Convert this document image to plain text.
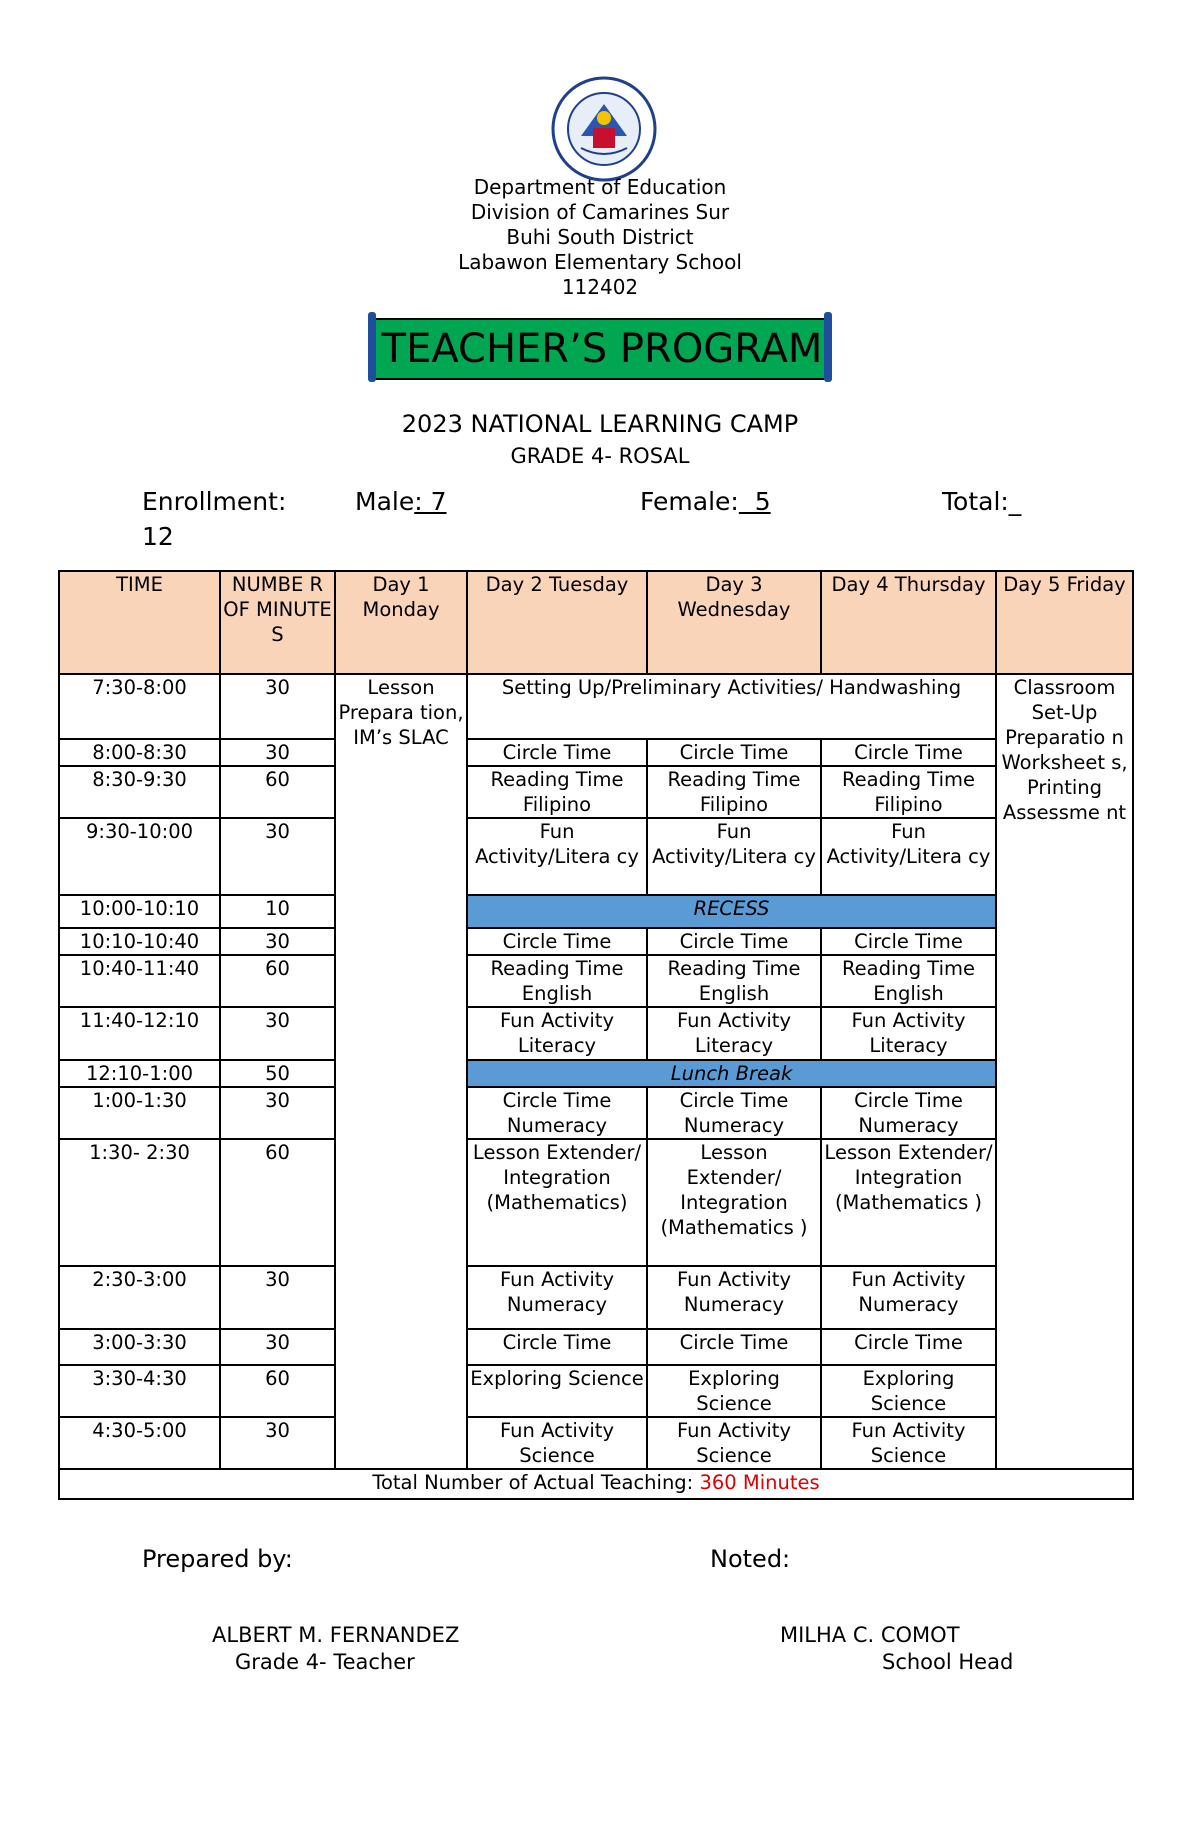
Department of Education
Division of Camarines Sur
Buhi South District
Labawon Elementary School
112402
TEACHER’S PROGRAM
2023 NATIONAL LEARNING CAMP
GRADE 4- ROSAL
Enrollment:	Male: 7	Female:  5	Total:_
12
TIME	NUMBE R OF MINUTE S	Day 1 Monday	Day 2 Tuesday	Day 3 Wednesday	Day 4 Thursday	Day 5 Friday
7:30-8:00	30	Lesson Prepara tion, IM’s SLAC	Setting Up/Preliminary Activities/ Handwashing			Classroom Set-Up Preparatio n Worksheet s, Printing Assessme nt
8:00-8:30	30		Circle Time	Circle Time	Circle Time	
8:30-9:30	60		Reading Time Filipino	Reading Time Filipino	Reading Time Filipino	
9:30-10:00	30		Fun Activity/Litera cy	Fun Activity/Litera cy	Fun Activity/Litera cy	
10:00-10:10	10		RECESS			
10:10-10:40	30		Circle Time	Circle Time	Circle Time	
10:40-11:40	60		Reading Time English	Reading Time English	Reading Time English	
11:40-12:10	30		Fun Activity Literacy	Fun Activity Literacy	Fun Activity Literacy	
12:10-1:00	50		Lunch Break			
1:00-1:30	30		Circle Time Numeracy	Circle Time Numeracy	Circle Time Numeracy	
1:30- 2:30	60		Lesson Extender/ Integration (Mathematics)	Lesson Extender/ Integration (Mathematics )	Lesson Extender/ Integration (Mathematics )	
2:30-3:00	30		Fun Activity Numeracy	Fun Activity Numeracy	Fun Activity Numeracy	
3:00-3:30	30		Circle Time	Circle Time	Circle Time	
3:30-4:30	60		Exploring Science	Exploring Science	Exploring Science	
4:30-5:00	30		Fun Activity Science	Fun Activity Science	Fun Activity Science	
Total Number of Actual Teaching: 360 Minutes						
Prepared by:	Noted:
ALBERT M. FERNANDEZ
Grade 4- Teacher
MILHA C. COMOT
School Head
